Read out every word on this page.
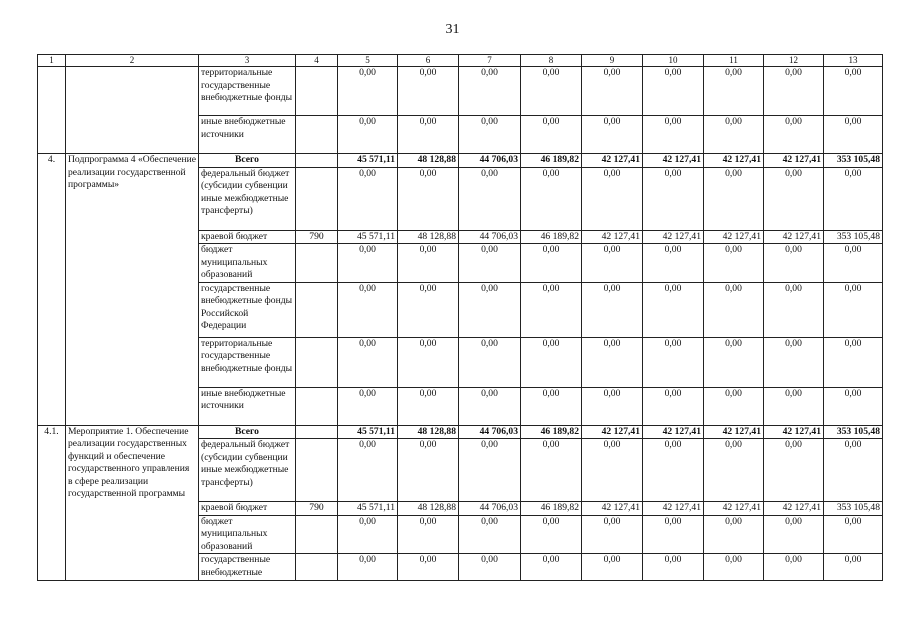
31
1	2	3	4	5	6	7	8	9	10	11	12	13
		территориальные государственные внебюджетные фонды		0,00	0,00	0,00	0,00	0,00	0,00	0,00	0,00	0,00
		иные внебюджетные источники		0,00	0,00	0,00	0,00	0,00	0,00	0,00	0,00	0,00
4.	Подпрограмма 4 «Обеспечение реализации государственной программы»	Всего		45 571,11	48 128,88	44 706,03	46 189,82	42 127,41	42 127,41	42 127,41	42 127,41	353 105,48
		федеральный бюджет (субсидии субвенции иные межбюджетные трансферты)		0,00	0,00	0,00	0,00	0,00	0,00	0,00	0,00	0,00
		краевой бюджет	790	45 571,11	48 128,88	44 706,03	46 189,82	42 127,41	42 127,41	42 127,41	42 127,41	353 105,48
		бюджет муниципальных образований		0,00	0,00	0,00	0,00	0,00	0,00	0,00	0,00	0,00
		государственные внебюджетные фонды Российской Федерации		0,00	0,00	0,00	0,00	0,00	0,00	0,00	0,00	0,00
		территориальные государственные внебюджетные фонды		0,00	0,00	0,00	0,00	0,00	0,00	0,00	0,00	0,00
		иные внебюджетные источники		0,00	0,00	0,00	0,00	0,00	0,00	0,00	0,00	0,00
4.1.	Мероприятие 1. Обеспечение реализации государственных функций и обеспечение государственного управления в сфере реализации государственной программы	Всего		45 571,11	48 128,88	44 706,03	46 189,82	42 127,41	42 127,41	42 127,41	42 127,41	353 105,48
		федеральный бюджет (субсидии субвенции иные межбюджетные трансферты)		0,00	0,00	0,00	0,00	0,00	0,00	0,00	0,00	0,00
		краевой бюджет	790	45 571,11	48 128,88	44 706,03	46 189,82	42 127,41	42 127,41	42 127,41	42 127,41	353 105,48
		бюджет муниципальных образований		0,00	0,00	0,00	0,00	0,00	0,00	0,00	0,00	0,00
		государственные внебюджетные		0,00	0,00	0,00	0,00	0,00	0,00	0,00	0,00	0,00
